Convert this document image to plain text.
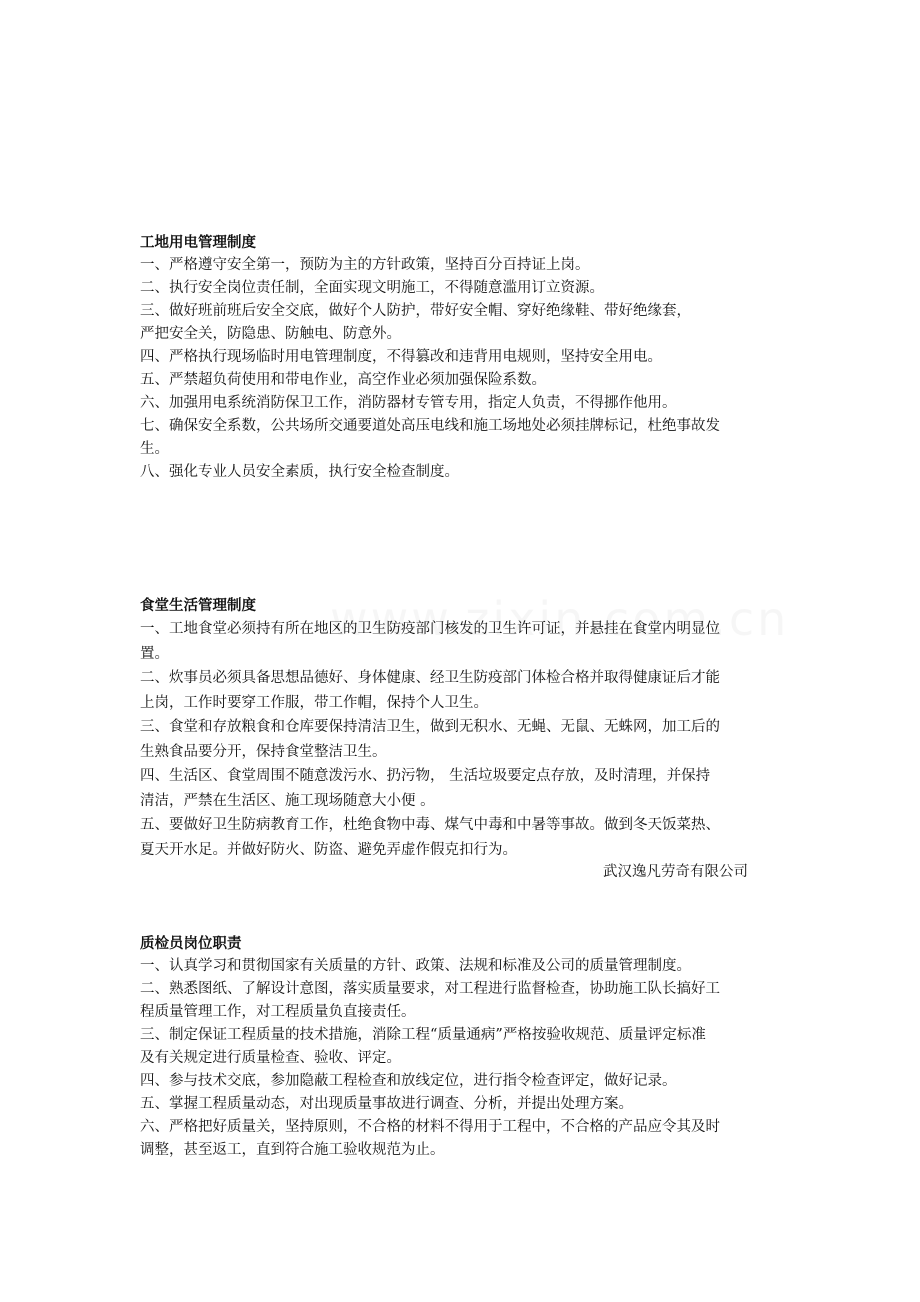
工地用电管理制度
一、严格遵守安全第一，预防为主的方针政策，坚持百分百持证上岗。
二、执行安全岗位责任制，全面实现文明施工，不得随意滥用订立资源。
三、做好班前班后安全交底，做好个人防护，带好安全帽、穿好绝缘鞋、带好绝缘套，
严把安全关，防隐患、防触电、防意外。
四、严格执行现场临时用电管理制度，不得篡改和违背用电规则，坚持安全用电。
五、严禁超负荷使用和带电作业，高空作业必须加强保险系数。
六、加强用电系统消防保卫工作，消防器材专管专用，指定人负责，不得挪作他用。
七、确保安全系数，公共场所交通要道处高压电线和施工场地处必须挂牌标记，杜绝事故发
生。
八、强化专业人员安全素质，执行安全检查制度。
食堂生活管理制度
一、工地食堂必须持有所在地区的卫生防疫部门核发的卫生许可证，并悬挂在食堂内明显位
置。
二、炊事员必须具备思想品德好、身体健康、经卫生防疫部门体检合格并取得健康证后才能
上岗，工作时要穿工作服，带工作帽，保持个人卫生。
三、食堂和存放粮食和仓库要保持清洁卫生，做到无积水、无蝇、无鼠、无蛛网，加工后的
生熟食品要分开，保持食堂整洁卫生。
四、生活区、食堂周围不随意泼污水、扔污物， 生活垃圾要定点存放，及时清理，并保持
清洁，严禁在生活区、施工现场随意大小便 。
五、要做好卫生防病教育工作，杜绝食物中毒、煤气中毒和中暑等事故。做到冬天饭菜热、
夏天开水足。并做好防火、防盗、避免弄虚作假克扣行为。
武汉逸凡劳奇有限公司
质检员岗位职责
一、认真学习和贯彻国家有关质量的方针、政策、法规和标准及公司的质量管理制度。
二、熟悉图纸、了解设计意图，落实质量要求，对工程进行监督检查，协助施工队长搞好工
程质量管理工作，对工程质量负直接责任。
三、制定保证工程质量的技术措施，消除工程“质量通病”严格按验收规范、质量评定标准
及有关规定进行质量检查、验收、评定。
四、参与技术交底，参加隐蔽工程检查和放线定位，进行指令检查评定，做好记录。
五、掌握工程质量动态，对出现质量事故进行调查、分析，并提出处理方案。
六、严格把好质量关，坚持原则，不合格的材料不得用于工程中，不合格的产品应令其及时
调整，甚至返工，直到符合施工验收规范为止。
